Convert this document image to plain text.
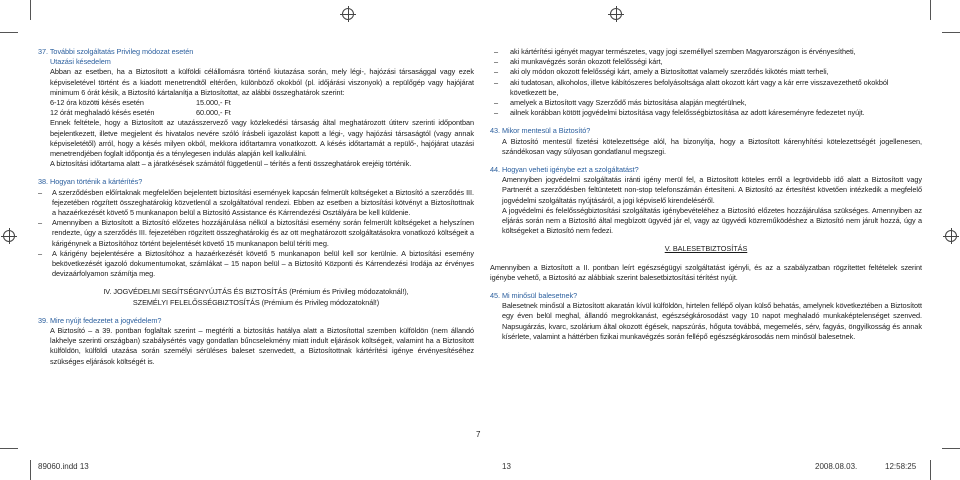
37. További szolgáltatás Privileg módozat esetén

Utazási késedelem

Abban az esetben, ha a Biztosított a külföldi célállomásra történő kiutazása során, mely légi-, hajózási társasággal vagy ezek képviseletével történt és a kiadott menetrendtől eltérően, különböző okokból (pl. időjárási viszonyok) a repülőgép vagy hajójárat minimum 6 órát késik, a Biztosító kártalanítja a Biztosítottat, az alábbi összeghatárok szerint:

6-12 óra közötti késés esetén	15.000,- Ft
12 órát meghaladó késés esetén	60.000,- Ft

Ennek feltétele, hogy a Biztosított az utazásszervező vagy közlekedési társaság által meghatározott útiterv szerinti időpontban bejelentkezett, illetve megjelent és hivatalos nevére szóló írásbeli igazolást kapott a légi-, vagy hajózási társaságtól (vagy annak képviseletétől) arról, hogy a késés milyen okból, mekkora időtartamra vonatkozott. A késés időtartamát a repülő-, hajójárat utazási menetrendjében foglalt időpontja és a ténylegesen indulás alapján kell kalkulálni.

A biztosítási időtartama alatt – a járatkésések számától függetlenül – térítés a fenti összeghatárok erejéig történik.

38. Hogyan történik a kártérítés?

– A szerződésben előírtaknak megfelelően bejelentett biztosítási események kapcsán felmerült költségeket a Biztosító a szerződés III. fejezetében rögzített összeghatárokig közvetlenül a szolgáltatóval rendezi. Ebben az esetben a biztosítási kötvényt a Biztosítottnak a hazaérkezését követő 5 munkanapon belül a Biztosító Assistance és Kárrendezési Osztályára be kell küldenie.

– Amennyiben a Biztosított a Biztosító előzetes hozzájárulása nélkül a biztosítási esemény során felmerült költségeket a helyszínen rendezte, úgy a szerződés III. fejezetében rögzített összeghatárokig és az ott meghatározott szolgáltatásokra vonatkozó költségeit a kárigénynek a Biztosítóhoz történt bejelentését követő 15 munkanapon belül téríti meg.

– A kárigény bejelentésére a Biztosítóhoz a hazaérkezését követő 5 munkanapon belül kell sor kerülnie. A biztosítási esemény bekövetkezését igazoló dokumentumokat, számlákat – 15 napon belül – a Biztosító Központi és Kárrendezési Irodája az érvényes devizaárfolyamon számítja meg.

IV. JOGVÉDELMI SEGÍTSÉGNYÚJTÁS ÉS BIZTOSÍTÁS (Prémium és Privileg módozatoknál!),

SZEMÉLYI FELELŐSSÉGBIZTOSÍTÁS (Prémium és Privileg módozatoknál!)

39. Mire nyújt fedezetet a jogvédelem?

A Biztosító – a 39. pontban foglaltak szerint – megtéríti a biztosítás hatálya alatt a Biztosítottal szemben külföldön (nem állandó lakhelye szerinti országban) szabálysértés vagy gondatlan bűncselekmény miatt indult eljárások költségeit, valamint ha a Biztosított külföldön, külföldi utazása során személyi sérüléses baleset szenvedett, a Biztosítottnak kártérítési igénye érvényesítéséhez szükséges eljárások költségét is.

– aki kártérítési igényét magyar természetes, vagy jogi személlyel szemben Magyarországon is érvényesítheti,

– aki munkavégzés során okozott felelősségi kárt,

– aki oly módon okozott felelősségi kárt, amely a Biztosítottat valamely szerződés kikötés miatt terheli,

– aki tudatosan, alkoholos, illetve kábítószeres befolyásoltsága alatt okozott kárt vagy a kár erre visszavezethető okokból következett be,

– amelyek a Biztosított vagy Szerződő más biztosítása alapján megtérülnek,

– ailnek korábban kötött jogvédelmi biztosítása vagy felelősségbiztosítása az adott kárеseményre fedezetet nyújt.

43. Mikor mentesül a Biztosító?

A Biztosító mentesül fizetési kötelezettsége alól, ha bizonyítja, hogy a Biztosított kárenyhítési kötelezettségét jogellenesen, szándékosan vagy súlyosan gondatlanul megszegi.

44. Hogyan veheti igénybe ezt a szolgáltatást?

Amennyiben jogvédelmi szolgáltatás iránti igény merül fel, a Biztosított köteles erről a legrövidebb idő alatt a Biztosított vagy Partnerét a szerződésben feltüntetett non-stop telefonszámán értesíteni. A Biztosító az értesítést követően intézkedik a megfelelő jogvédelmi szolgáltatás nyújtásáról, a jogi képviselő kirendeléséről.

A jogvédelmi és felelősségbiztosítási szolgáltatás igénybevételéhez a Biztosító előzetes hozzájárulása szükséges. Amennyiben az eljárás során nem a Biztosító által megbízott ügyvéd jár el, vagy az ügyvédi közreműködéshez a Biztosító nem járult hozzá, úgy a költségeket a Biztosító nem fedezi.

V. BALESETBIZTOSÍTÁS

Amennyiben a Biztosított a II. pontban leírt egészségügyi szolgáltatást igényli, és az a szabályzatban rögzítettet feltételek szerint igénybe vehető, a Biztosító az alábbiak szerint balesetbiztosítási térítést nyújt.

45. Mi minősül balesetnek?

Balesetnek minősül a Biztosított akaratán kívül külföldön, hirtelen fellépő olyan külső behatás, amelynek következtében a Biztosított egy éven belül meghal, állandó megrokkanást, egészségkárosodást vagy 10 napot meghaladó munkaképtelenséget szenved. Napsugárzás, kvarc, szolárium által okozott égések, napszúrás, hőguta továbbá, megemelés, sérv, fagyás, öngyilkosság és annak kísérlete, valamint a háttérben fizikai munkavégzés során fellépő egészségkárosodás nem minősül balesetnek.

7
89060.indd 13	13	2008.08.03.	12:58:25
